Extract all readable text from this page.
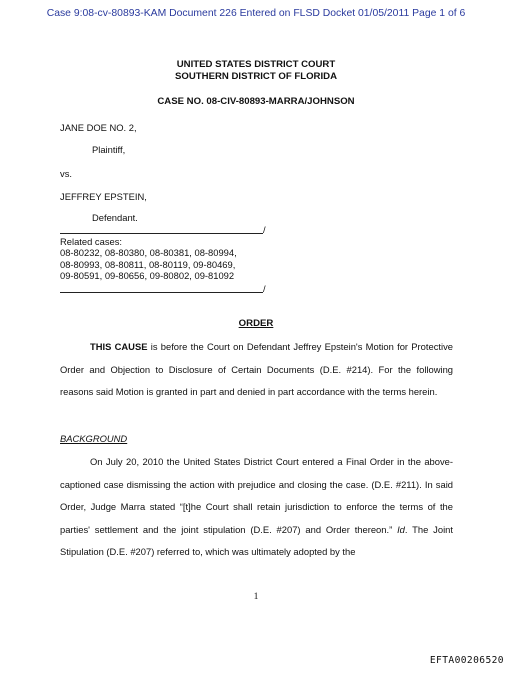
Case 9:08-cv-80893-KAM Document 226 Entered on FLSD Docket 01/05/2011 Page 1 of 6
UNITED STATES DISTRICT COURT
SOUTHERN DISTRICT OF FLORIDA
CASE NO. 08-CIV-80893-MARRA/JOHNSON
JANE DOE NO. 2,
Plaintiff,
vs.
JEFFREY EPSTEIN,
Defendant.
/
Related cases:
08-80232, 08-80380, 08-80381, 08-80994,
08-80993, 08-80811, 08-80119, 09-80469,
09-80591, 09-80656, 09-80802, 09-81092
/
ORDER

THIS CAUSE is before the Court on Defendant Jeffrey Epstein's Motion for Protective Order and Objection to Disclosure of Certain Documents (D.E. #214). For the following reasons said Motion is granted in part and denied in part accordance with the terms herein.

BACKGROUND

On July 20, 2010 the United States District Court entered a Final Order in the above-captioned case dismissing the action with prejudice and closing the case. (D.E. #211). In said Order, Judge Marra stated “[t]he Court shall retain jurisdiction to enforce the terms of the parties' settlement and the joint stipulation (D.E. #207) and Order thereon.” Id. The Joint Stipulation (D.E. #207) referred to, which was ultimately adopted by the

1
EFTA00206520
